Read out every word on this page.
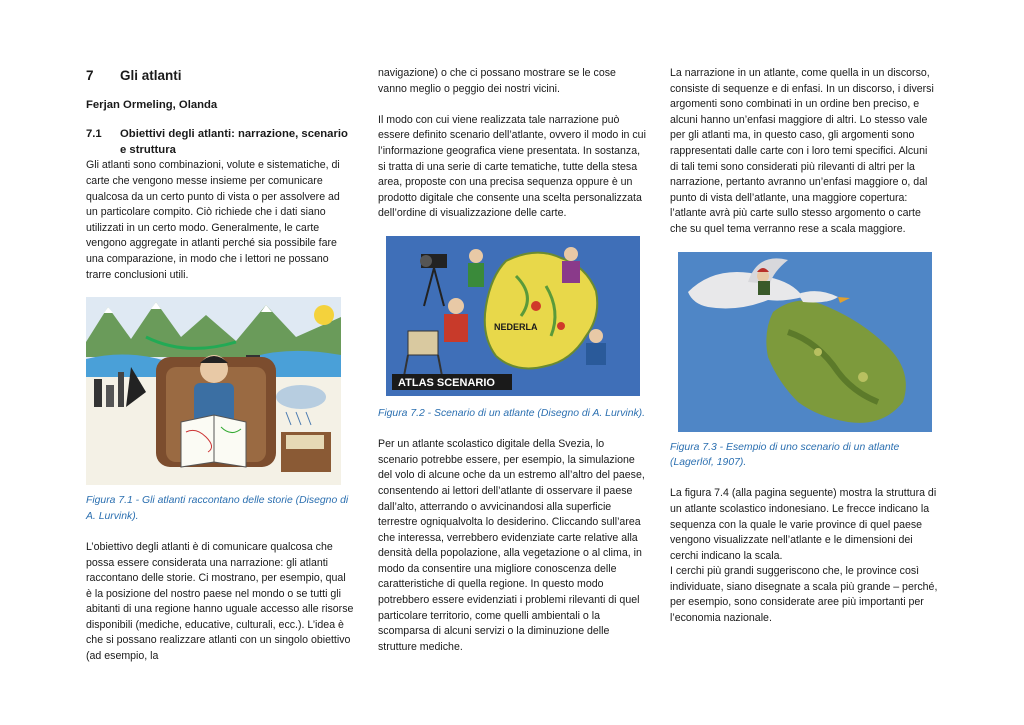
7	Gli atlanti
Ferjan Ormeling, Olanda
7.1	Obiettivi degli atlanti: narrazione, scenario e struttura

Gli atlanti sono combinazioni, volute e sistematiche, di carte che vengono messe insieme per comunicare qualcosa da un certo punto di vista o per assolvere ad un particolare compito. Ciò richiede che i dati siano utilizzati in un certo modo. Generalmente, le carte vengono aggregate in atlanti perché sia possibile fare una comparazione, in modo che i lettori ne possano trarre conclusioni utili.

Figura 7.1 - Gli atlanti raccontano delle storie (Disegno di A. Lurvink).

L’obiettivo degli atlanti è di comunicare qualcosa che possa essere considerata una narrazione: gli atlanti raccontano delle storie. Ci mostrano, per esempio, qual è la posizione del nostro paese nel mondo o se tutti gli abitanti di una regione hanno uguale accesso alle risorse disponibili (mediche, educative, culturali, ecc.). L’idea è che si possano realizzare atlanti con un singolo obiettivo (ad esempio, la

navigazione) o che ci possano mostrare se le cose vanno meglio o peggio dei nostri vicini.

Il modo con cui viene realizzata tale narrazione può essere definito scenario dell’atlante, ovvero il modo in cui l’informazione geografica viene presentata. In sostanza, si tratta di una serie di carte tematiche, tutte della stesa area, proposte con una precisa sequenza oppure è un prodotto digitale che consente una scelta personalizzata dell’ordine di visualizzazione delle carte.

NEDERLA
ATLAS SCENARIO

Figura 7.2 - Scenario di un atlante (Disegno di A. Lurvink).

Per un atlante scolastico digitale della Svezia, lo scenario potrebbe essere, per esempio, la simulazione del volo di alcune oche da un estremo all’altro del paese, consentendo ai lettori dell’atlante di osservare il paese dall’alto, atterrando o avvicinandosi alla superficie terrestre ogniqualvolta lo desiderino. Cliccando sull’area che interessa, verrebbero evidenziate carte relative alla densità della popolazione, alla vegetazione o al clima, in modo da consentire una migliore conoscenza delle caratteristiche di quella regione. In questo modo potrebbero essere evidenziati i problemi rilevanti di quel particolare territorio, come quelli ambientali o la scomparsa di alcuni servizi o la diminuzione delle strutture mediche.

La narrazione in un atlante, come quella in un discorso, consiste di sequenze e di enfasi. In un discorso, i diversi argomenti sono combinati in un ordine ben preciso, e alcuni hanno un’enfasi maggiore di altri. Lo stesso vale per gli atlanti ma, in questo caso, gli argomenti sono rappresentati dalle carte con i loro temi specifici. Alcuni di tali temi sono considerati più rilevanti di altri per la narrazione, pertanto avranno un’enfasi maggiore o, dal punto di vista dell’atlante, una maggiore copertura: l’atlante avrà più carte sullo stesso argomento o carte che su quel tema verranno rese a scala maggiore.

Figura 7.3 - Esempio di uno scenario di un atlante (Lagerlöf, 1907).

La figura 7.4 (alla pagina seguente) mostra la struttura di un atlante scolastico indonesiano. Le frecce indicano la sequenza con la quale le varie province di quel paese vengono visualizzate nell’atlante e le dimensioni dei cerchi indicano la scala.

I cerchi più grandi suggeriscono che, le province così individuate, siano disegnate a scala più grande – perché, per esempio, sono considerate aree più importanti per l’economia nazionale.
